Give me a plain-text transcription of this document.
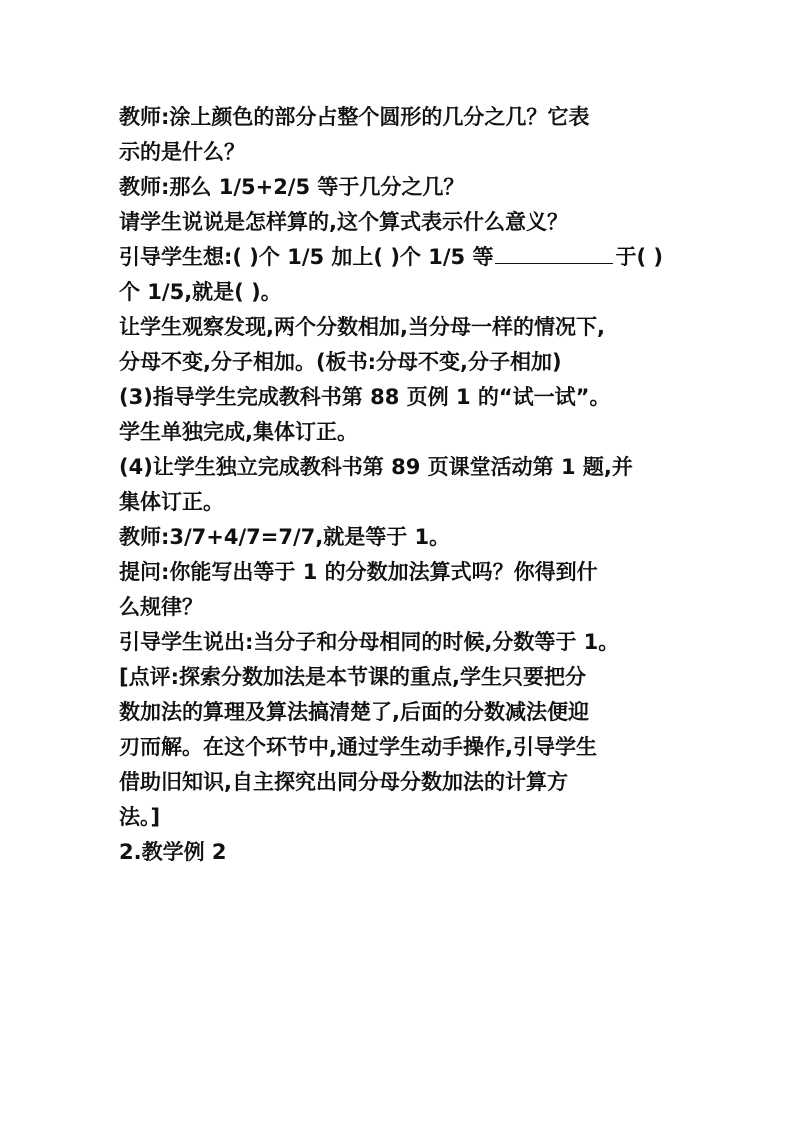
教师:涂上颜色的部分占整个圆形的几分之几？它表
示的是什么？
教师:那么 1/5+2/5 等于几分之几？
请学生说说是怎样算的,这个算式表示什么意义？
引导学生想:( )个 1/5 加上( )个 1/5 等	于( )
个 1/5,就是( )。
让学生观察发现,两个分数相加,当分母一样的情况下,
分母不变,分子相加。(板书:分母不变,分子相加)
(3)指导学生完成教科书第 88 页例 1 的“试一试”。
学生单独完成,集体订正。
(4)让学生独立完成教科书第 89 页课堂活动第 1 题,并
集体订正。
教师:3/7+4/7=7/7,就是等于 1。
提问:你能写出等于 1 的分数加法算式吗？你得到什
么规律？
引导学生说出:当分子和分母相同的时候,分数等于 1。
[点评:探索分数加法是本节课的重点,学生只要把分
数加法的算理及算法搞清楚了,后面的分数减法便迎
刃而解。在这个环节中,通过学生动手操作,引导学生
借助旧知识,自主探究出同分母分数加法的计算方
法。]
2.教学例 2
